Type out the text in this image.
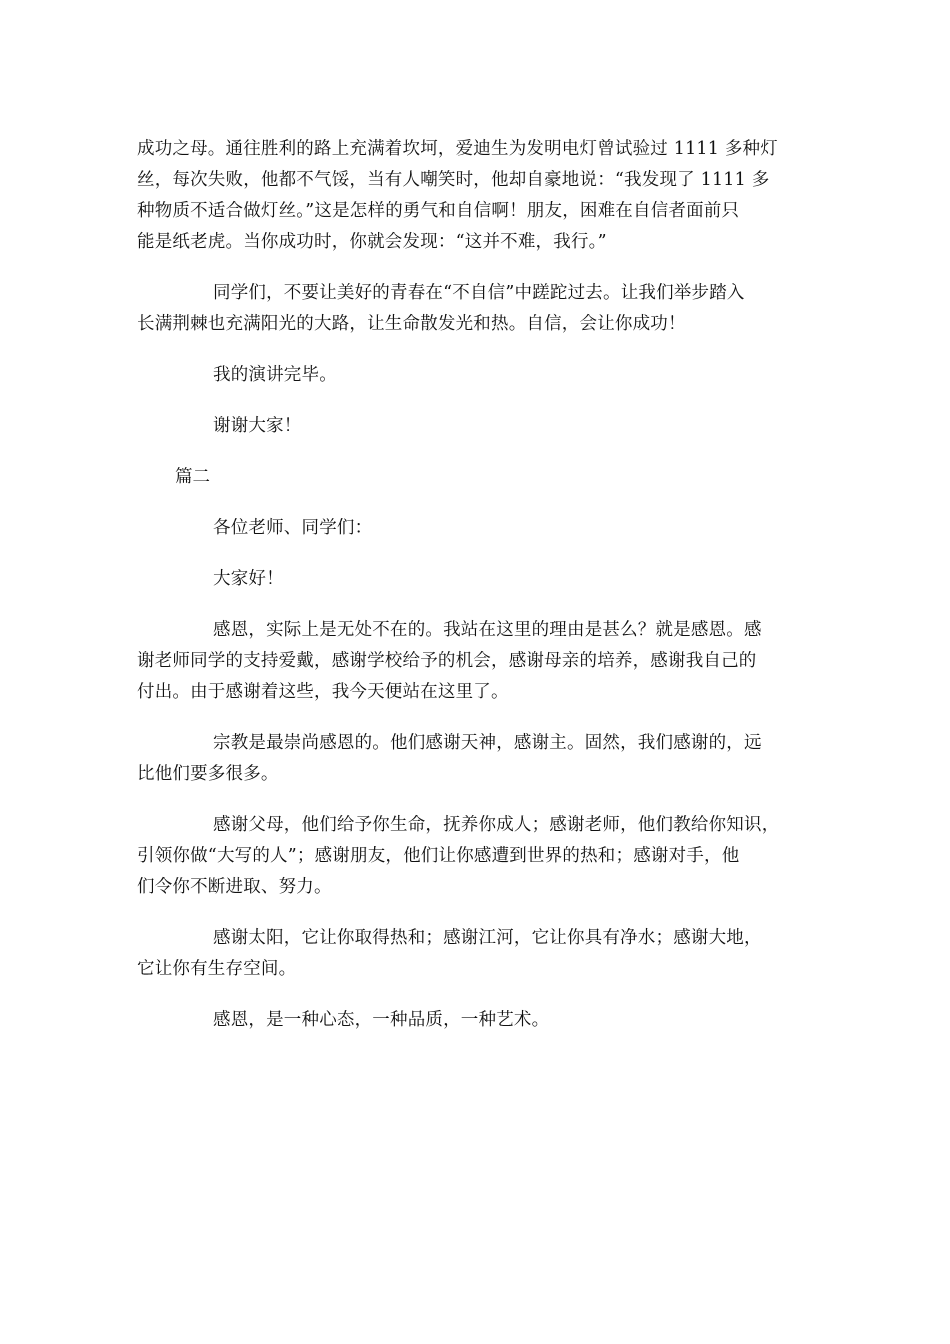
成功之母。通往胜利的路上充满着坎坷，爱迪生为发明电灯曾试验过 1111 多种灯
丝，每次失败，他都不气馁，当有人嘲笑时，他却自豪地说：“我发现了 1111 多
种物质不适合做灯丝。”这是怎样的勇气和自信啊！朋友，困难在自信者面前只
能是纸老虎。当你成功时，你就会发现：“这并不难，我行。”

同学们，不要让美好的青春在“不自信”中蹉跎过去。让我们举步踏入
长满荆棘也充满阳光的大路，让生命散发光和热。自信，会让你成功！

我的演讲完毕。

谢谢大家！

篇二

各位老师、同学们：

大家好！

感恩，实际上是无处不在的。我站在这里的理由是甚么？就是感恩。感
谢老师同学的支持爱戴，感谢学校给予的机会，感谢母亲的培养，感谢我自己的
付出。由于感谢着这些，我今天便站在这里了。

宗教是最崇尚感恩的。他们感谢天神，感谢主。固然，我们感谢的，远
比他们要多很多。

感谢父母，他们给予你生命，抚养你成人；感谢老师，他们教给你知识，
引领你做“大写的人”；感谢朋友，他们让你感遭到世界的热和；感谢对手，他
们令你不断进取、努力。

感谢太阳，它让你取得热和；感谢江河，它让你具有净水；感谢大地，
它让你有生存空间。

感恩，是一种心态，一种品质，一种艺术。
